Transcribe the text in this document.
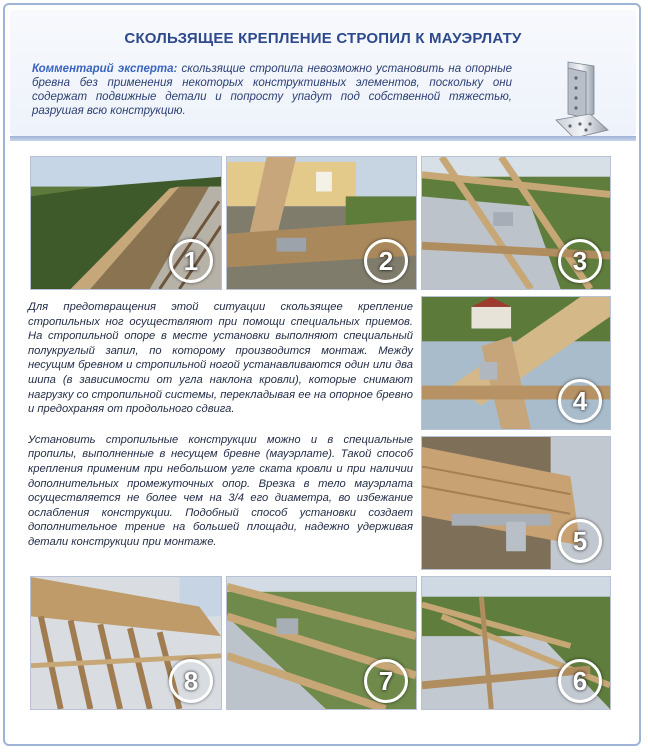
СКОЛЬЗЯЩЕЕ КРЕПЛЕНИЕ СТРОПИЛ К МАУЭРЛАТУ
Комментарий эксперта: скользящие стропила невозможно установить на опорные бревна без применения некоторых конструктивных элементов, поскольку они содержат подвижные детали и попросту упадут под собственной тяжестью, разрушая всю конструкцию.
1	2	3
4
5
6
7
8

Для предотвращения этой ситуации скользящее крепление стропильных ног осуществляют при помощи специальных приемов. На стропильной опоре в месте установки выполняют специальный полукруглый запил, по которому производится монтаж. Между несущим бревном и стропильной ногой устанавливаются один или два шипа (в зависимости от угла наклона кровли), которые снимают нагрузку со стропильной системы, перекладывая ее на опорное бревно и предохраняя от продольного сдвига.

Установить стропильные конструкции можно и в специальные пропилы, выполненные в несущем бревне (мауэрлате). Такой способ крепления применим при небольшом угле ската кровли и при наличии дополнительных промежуточных опор. Врезка в тело мауэрлата осуществляется не более чем на 3/4 его диаметра, во избежание ослабления конструкции. Подобный способ установки создает дополнительное трение на большей площади, надежно удерживая детали конструкции при монтаже.
